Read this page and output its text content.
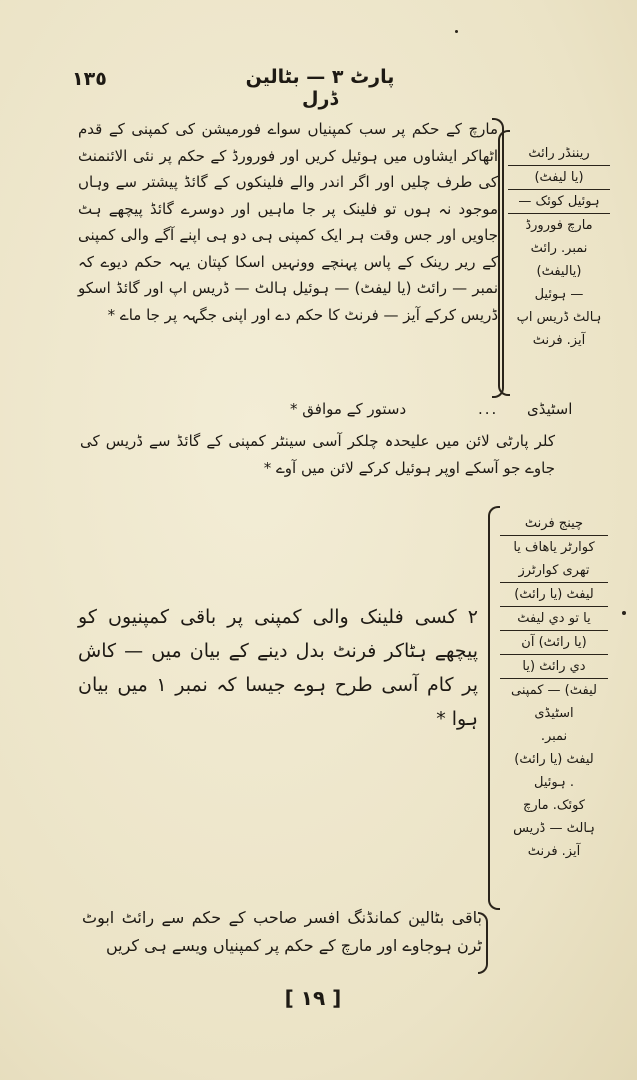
١٣٥	پارٹ ٣ — بٹالین ڈرل
مارچ کے حکم پر سب کمپنیاں سواے فورمیشن کی کمپنی کے قدم اٹھاکر ایشاوں میں ہوئیل کریں اور فورورڈ کے حکم پر نئی الائنمنٹ کی طرف چلیں اور اگر اندر والے فلینکوں کے گائڈ پیشتر سے وہاں موجود نہ ہوں تو فلینک پر جا ماہیں اور دوسرے گائڈ پیچھے ہٹ جاویں اور جس وقت ہر ایک کمپنی ہی دو ہی اپنے آگے والی کمپنی کے ریر رینک کے پاس پہنچے وونہیں اسکا کپتان یہہ حکم دیوے کہ نمبر — رائٹ (یا لیفٹ) — ہوئیل ہالٹ — ڈریس اپ اور گائڈ اسکو ڈریس کرکے آیز — فرنٹ کا حکم دے اور اپنی جگہہ پر جا ماے *
ریننڈر رائٹ
(یا لیفٹ)
ہوئیل کوئک —
مارچ فورورڈ
نمبر. رائٹ
(یالیفٹ)
— ہوئیل
ہالٹ ڈریس اپ
آیز. فرنٹ
اسٹیڈی
...
دستور کے موافق *
کلر پارٹی لائن میں علیحدہ چلکر آسی سینٹر کمپنی کے گائڈ سے ڈریس کی جاوے جو آسکے اوپر ہوئیل کرکے لائن میں آوے *
چینج فرنٹ
کوارٹر یاهاف یا
تھری کوارٹرز
لیفٹ (یا رائٹ)
یا تو دي لیفٹ
(یا رائٹ) آن
دي رائٹ (یا
لیفٹ) — کمپنی
اسٹیڈی
نمبر.
لیفٹ (یا رائٹ)
. ہوئیل
کوئک. مارچ
ہالٹ — ڈریس
آیز. فرنٹ
٢ کسی فلینک والی کمپنی پر باقی کمپنیوں کو پیچھے ہٹاکر فرنٹ بدل دینے کے بیان میں — کاش پر کام آسی طرح ہوے جیسا کہ نمبر ١ میں بیان ہوا *
باقی بٹالین کمانڈنگ افسر صاحب کے حکم سے رائٹ ابوٹ ٹرن ہوجاوے اور مارچ کے حکم پر کمپنیاں ویسے ہی کریں
[ ١٩ ]
